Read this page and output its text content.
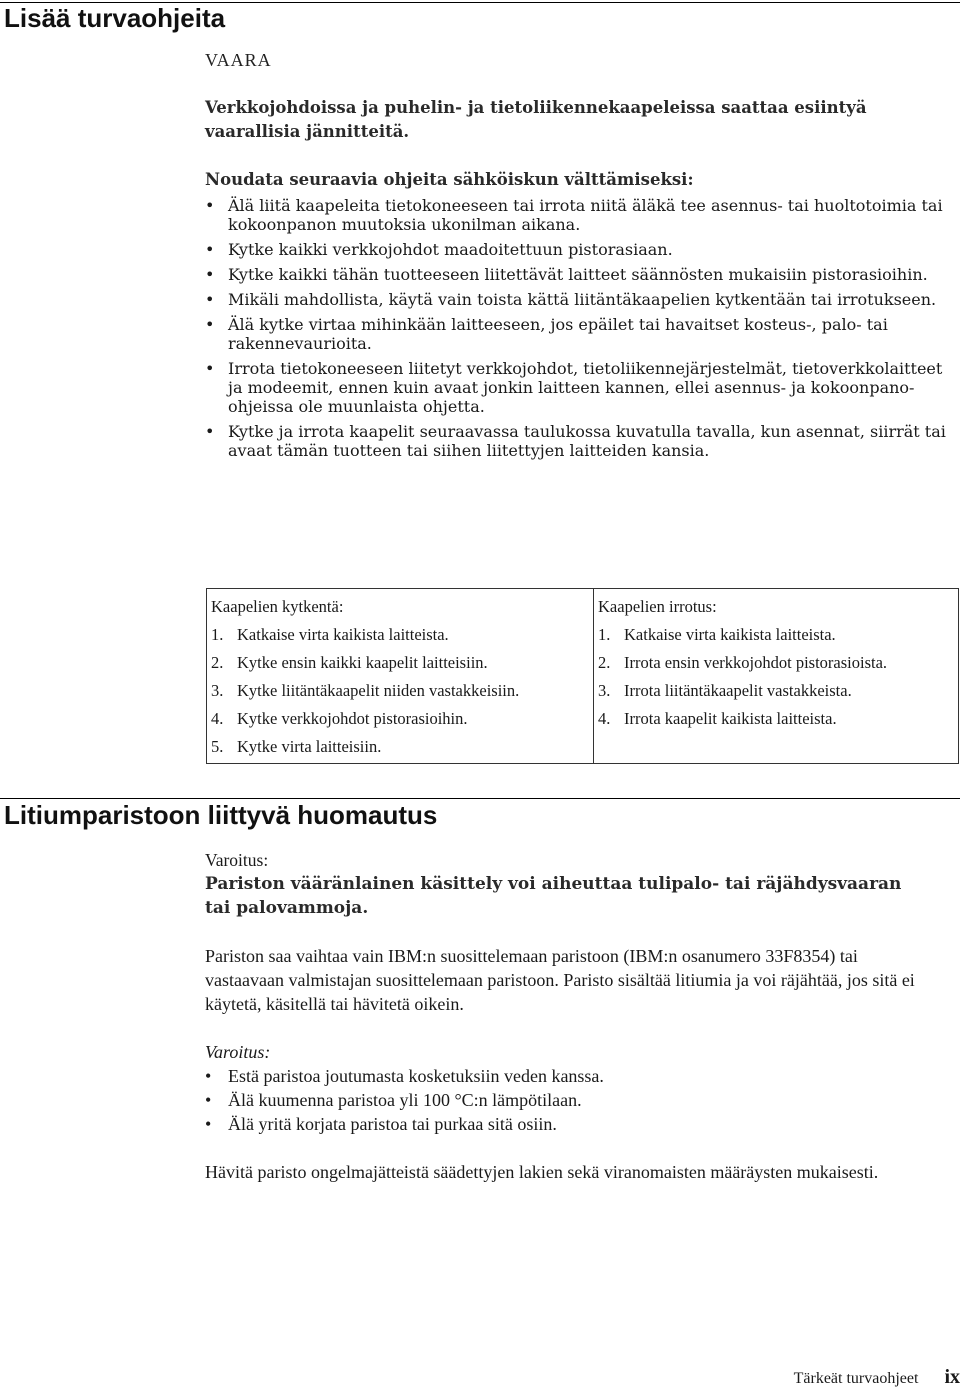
Lisää turvaohjeita

VAARA

Verkkojohdoissa ja puhelin- ja tietoliikennekaapeleissa saattaa esiintyä vaarallisia jännitteitä.

Noudata seuraavia ohjeita sähköiskun välttämiseksi:

• Älä liitä kaapeleita tietokoneeseen tai irrota niitä äläkä tee asennus- tai huoltotoimia tai kokoonpanon muutoksia ukonilman aikana.
• Kytke kaikki verkkojohdot maadoitettuun pistorasiaan.
• Kytke kaikki tähän tuotteeseen liitettävät laitteet säännösten mukaisiin pistorasioihin.
• Mikäli mahdollista, käytä vain toista kättä liitäntäkaapelien kytkentään tai irrotukseen.
• Älä kytke virtaa mihinkään laitteeseen, jos epäilet tai havaitset kosteus-, palo- tai rakennevaurioita.
• Irrota tietokoneeseen liitetyt verkkojohdot, tietoliikennejärjestelmät, tietoverkkolaitteet ja modeemit, ennen kuin avaat jonkin laitteen kannen, ellei asennus- ja kokoonpano-ohjeissa ole muunlaista ohjetta.
• Kytke ja irrota kaapelit seuraavassa taulukossa kuvatulla tavalla, kun asennat, siirrät tai avaat tämän tuotteen tai siihen liitettyjen laitteiden kansia.
Kaapelien kytkentä:
1. Katkaise virta kaikista laitteista.
2. Kytke ensin kaikki kaapelit laitteisiin.
3. Kytke liitäntäkaapelit niiden vastakkeisiin.
4. Kytke verkkojohdot pistorasioihin.
5. Kytke virta laitteisiin.

Kaapelien irrotus:
1. Katkaise virta kaikista laitteista.
2. Irrota ensin verkkojohdot pistorasioista.
3. Irrota liitäntäkaapelit vastakkeista.
4. Irrota kaapelit kaikista laitteista.
Litiumparistoon liittyvä huomautus

Varoitus:

Pariston vääränlainen käsittely voi aiheuttaa tulipalo- tai räjähdysvaaran tai palovammoja.

Pariston saa vaihtaa vain IBM:n suosittelemaan paristoon (IBM:n osanumero 33F8354) tai vastaavaan valmistajan suosittelemaan paristoon. Paristo sisältää litiumia ja voi räjähtää, jos sitä ei käytetä, käsitellä tai hävitetä oikein.

Varoitus:

• Estä paristoa joutumasta kosketuksiin veden kanssa.
• Älä kuumenna paristoa yli 100 °C:n lämpötilaan.
• Älä yritä korjata paristoa tai purkaa sitä osiin.

Hävitä paristo ongelmajätteistä säädettyjen lakien sekä viranomaisten määräysten mukaisesti.

Tärkeät turvaohjeet ix
